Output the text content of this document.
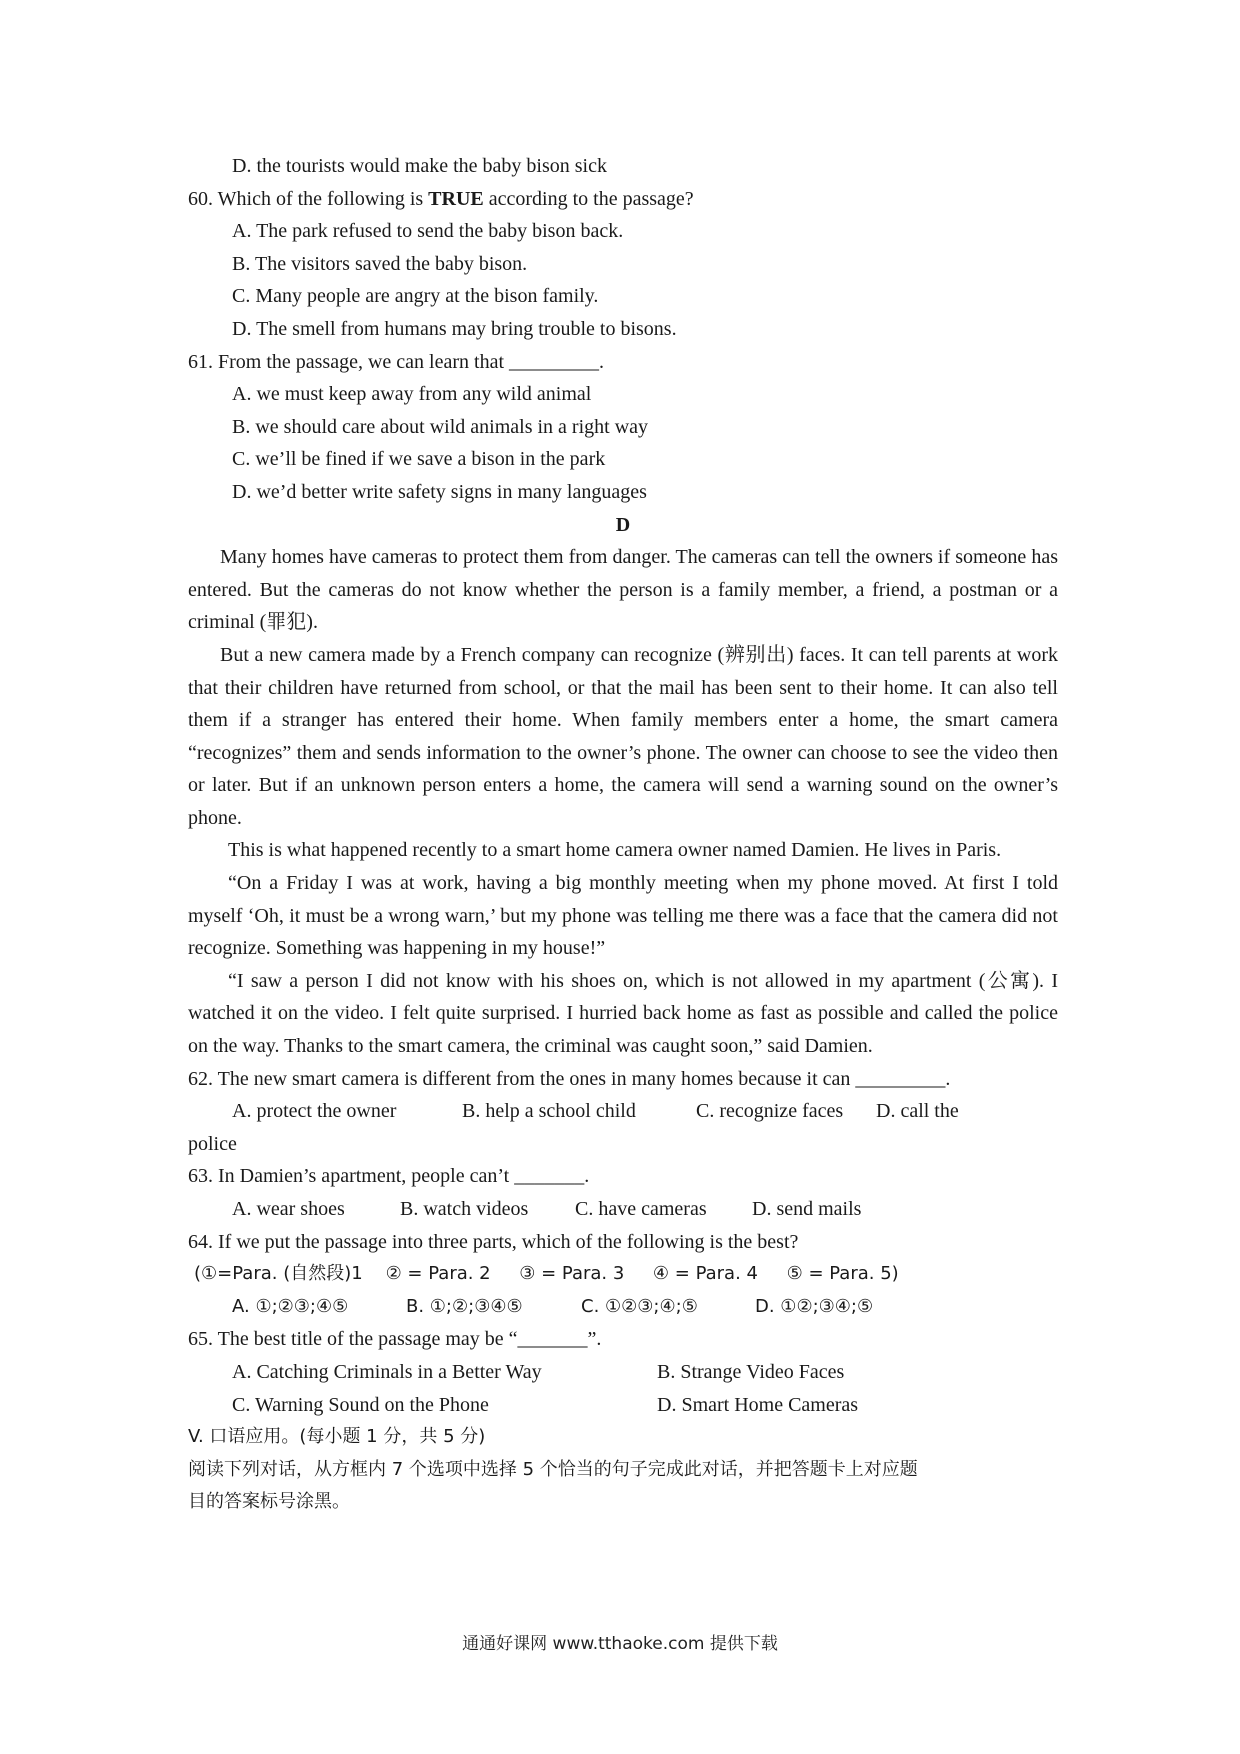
D. the tourists would make the baby bison sick
60. Which of the following is TRUE according to the passage?
A. The park refused to send the baby bison back.
B. The visitors saved the baby bison.
C. Many people are angry at the bison family.
D. The smell from humans may bring trouble to bisons.
61. From the passage, we can learn that _________.
A. we must keep away from any wild animal
B. we should care about wild animals in a right way
C. we’ll be fined if we save a bison in the park
D. we’d better write safety signs in many languages
D

Many homes have cameras to protect them from danger. The cameras can tell the owners if someone has entered. But the cameras do not know whether the person is a family member, a friend, a postman or a criminal (罪犯).

But a new camera made by a French company can recognize (辨别出) faces. It can tell parents at work that their children have returned from school, or that the mail has been sent to their home. It can also tell them if a stranger has entered their home. When family members enter a home, the smart camera “recognizes” them and sends information to the owner’s phone. The owner can choose to see the video then or later. But if an unknown person enters a home, the camera will send a warning sound on the owner’s phone.

This is what happened recently to a smart home camera owner named Damien. He lives in Paris.

“On a Friday I was at work, having a big monthly meeting when my phone moved. At first I told myself ‘Oh, it must be a wrong warn,’ but my phone was telling me there was a face that the camera did not recognize. Something was happening in my house!”

“I saw a person I did not know with his shoes on, which is not allowed in my apartment (公寓). I watched it on the video. I felt quite surprised. I hurried back home as fast as possible and called the police on the way. Thanks to the smart camera, the criminal was caught soon,” said Damien.

62. The new smart camera is different from the ones in many homes because it can _________.
A. protect the owner	B. help a school child	C. recognize faces	D. call the
police
63. In Damien’s apartment, people can’t _______.
A. wear shoes	B. watch videos	C. have cameras	D. send mails
64. If we put the passage into three parts, which of the following is the best?
(①=Para. (自然段)1    ② = Para. 2     ③ = Para. 3     ④ = Para. 4     ⑤ = Para. 5)
A. ①;②③;④⑤	B. ①;②;③④⑤	C. ①②③;④;⑤	D. ①②;③④;⑤
65. The best title of the passage may be “_______”.
A. Catching Criminals in a Better Way	B. Strange Video Faces
C. Warning Sound on the Phone	D. Smart Home Cameras
V. 口语应用。(每小题 1 分，共 5 分)
阅读下列对话，从方框内 7 个选项中选择 5 个恰当的句子完成此对话，并把答题卡上对应题
目的答案标号涂黑。
通通好课网 www.tthaoke.com 提供下载
